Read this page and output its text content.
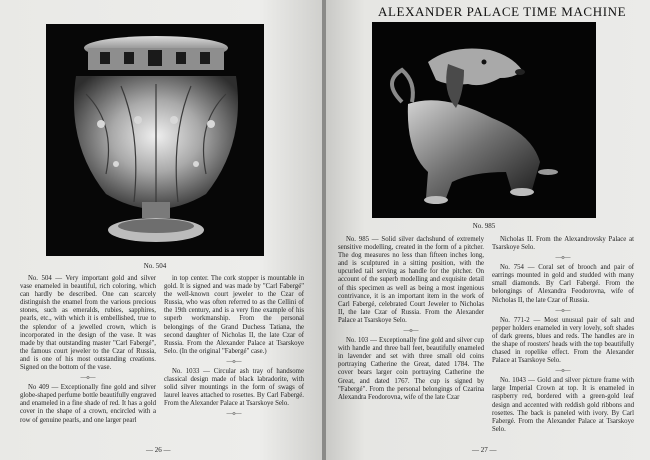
No. 504

No. 504 — Very important gold and silver vase enameled in beautiful, rich coloring, which can hardly be described. One can scarcely distinguish the enamel from the various precious stones, such as emeralds, rubies, sapphires, pearls, etc., with which it is embellished, true to the splendor of a jewelled crown, which is incorporated in the design of the vase. It was made by that outstanding master "Carl Fabergé", the famous court jeweler to the Czar of Russia, and is one of his most outstanding creations. Signed on the bottom of the vase.

—o—

No 409 — Exceptionally fine gold and silver globe-shaped perfume bottle beautifully engraved and enameled in a fine shade of red. It has a gold cover in the shape of a crown, encircled with a row of genuine pearls, and one larger pearl

in top center. The cork stopper is mountable in gold. It is signed and was made by "Carl Fabergé" the well-known court jeweler to the Czar of Russia, who was often referred to as the Cellini of the 19th century, and is a very fine example of his superb workmanship. From the personal belongings of the Grand Duchess Tatiana, the second daughter of Nicholas II, the late Czar of Russia. From the Alexander Palace at Tsarskoye Selo. (In the original "Fabergé" case.)

—o—

No. 1033 — Circular ash tray of handsome classical design made of black labradorite, with solid silver mountings in the form of swags of laurel leaves attached to rosettes. By Carl Fabergé. From the Alexander Palace at Tsarskoye Selo.

—o—
— 26 —
ALEXANDER PALACE TIME MACHINE
No. 985

No. 985 — Solid silver dachshund of extremely sensitive modelling, created in the form of a pitcher. The dog measures no less than fifteen inches long, and is sculptured in a sitting position, with the upcurled tail serving as handle for the pitcher. On account of the superb modelling and exquisite detail of this specimen as well as being a most ingenious contrivance, it is an important item in the work of Carl Fabergé, celebrated Court Jeweler to Nicholas II, the late Czar of Russia. From the Alexander Palace at Tsarskoye Selo.

—o—

No. 103 — Exceptionally fine gold and silver cup with handle and three ball feet, beautifully enameled in lavender and set with three small old coins portraying Catherine the Great, dated 1784. The cover bears larger coin portraying Catherine the Great, and dated 1767. The cup is signed by "Fabergé". From the personal belongings of Czarina Alexandra Feodorovna, wife of the late Czar

Nicholas II. From the Alexandrovsky Palace at Tsarskoye Selo.

—o—

No. 754 — Coral set of brooch and pair of earrings mounted in gold and studded with many small diamonds. By Carl Fabergé. From the belongings of Alexandra Feodorovna, wife of Nicholas II, the late Czar of Russia.

—o—

No. 771-2 — Most unusual pair of salt and pepper holders enameled in very lovely, soft shades of dark greens, blues and reds. The handles are in the shape of roosters' heads with the top beautifully chased in ropelike effect. From the Alexander Palace at Tsarskoye Selo.

—o—

No. 1043 — Gold and silver picture frame with large Imperial Crown at top. It is enameled in raspberry red, bordered with a green-gold leaf design and accented with reddish gold ribbons and rosettes. The back is paneled with ivory. By Carl Fabergé. From the Alexander Palace at Tsarskoye Selo.

— 27 —
